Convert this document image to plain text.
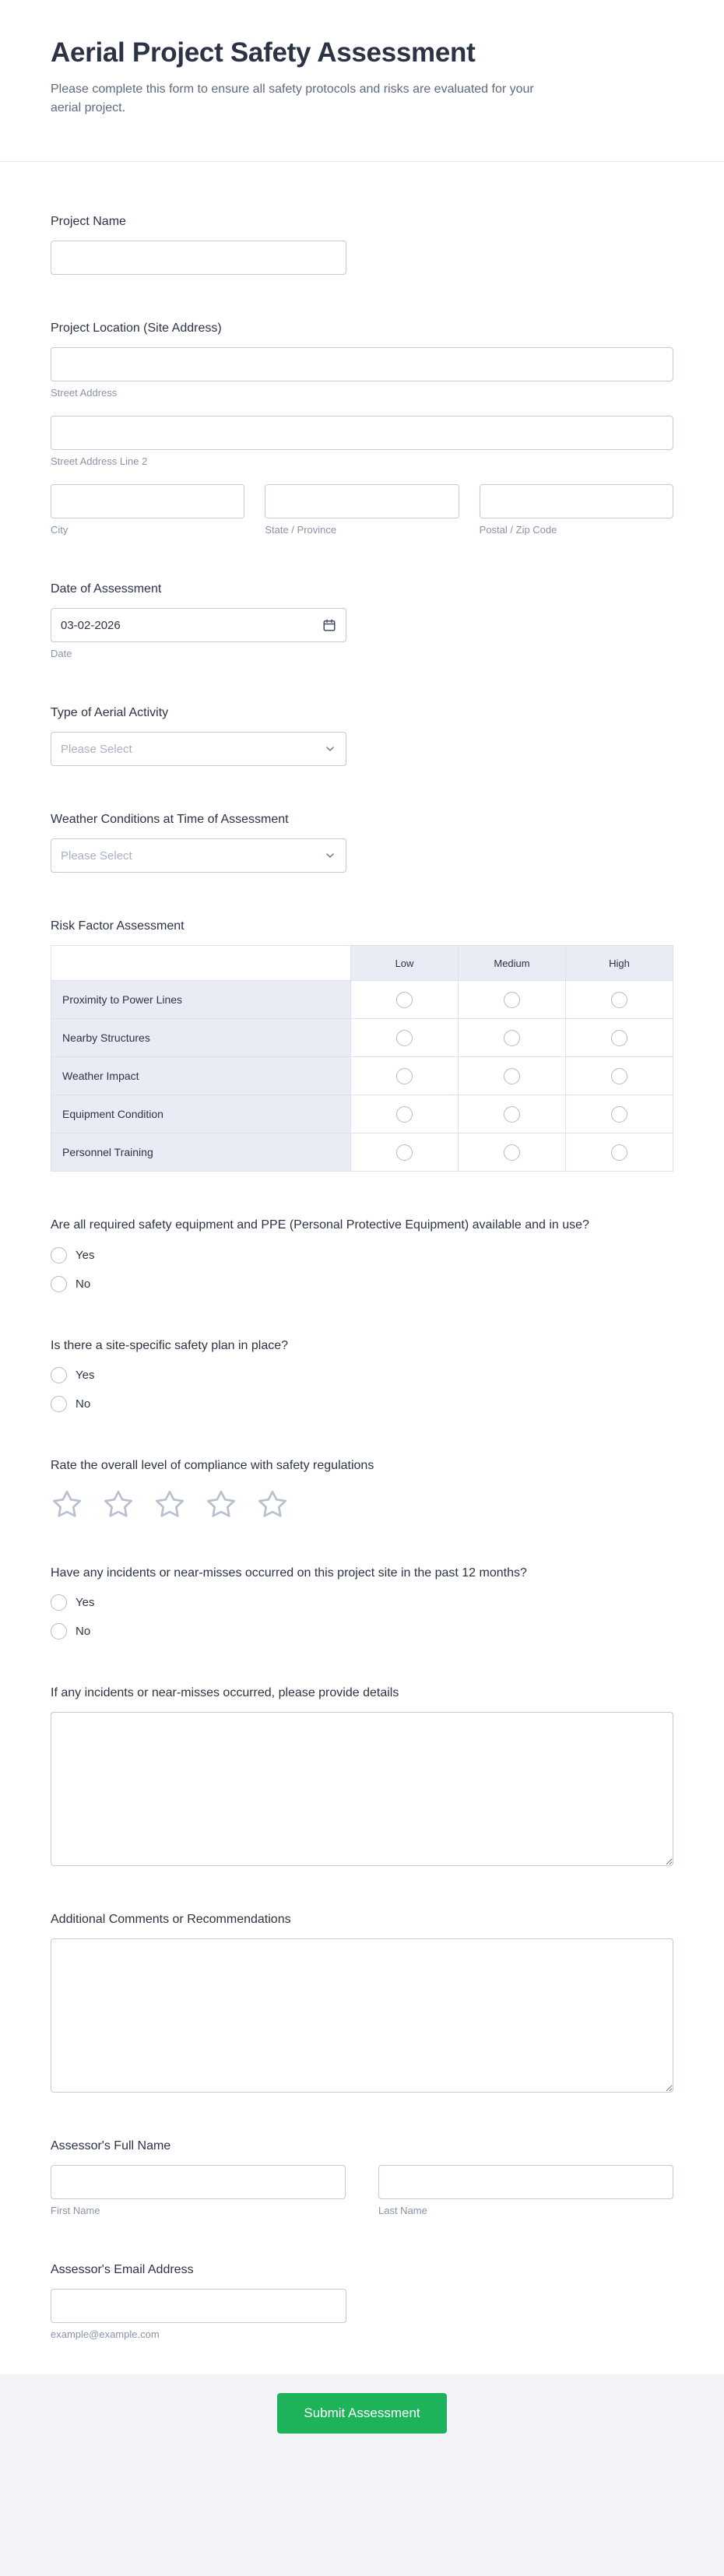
Aerial Project Safety Assessment

Please complete this form to ensure all safety protocols and risks are evaluated for your aerial project.

Project Name
Project Location (Site Address)
Street Address
Street Address Line 2
City	State / Province	Postal / Zip Code
Date of Assessment
03-02-2026
Date
Type of Aerial Activity
Please Select
Weather Conditions at Time of Assessment
Please Select
Risk Factor Assessment
	Low	Medium	High
Proximity to Power Lines			
Nearby Structures			
Weather Impact			
Equipment Condition			
Personnel Training			
Are all required safety equipment and PPE (Personal Protective Equipment) available and in use?
Yes
No
Is there a site-specific safety plan in place?
Yes
No
Rate the overall level of compliance with safety regulations
Have any incidents or near-misses occurred on this project site in the past 12 months?
Yes
No
If any incidents or near-misses occurred, please provide details
Additional Comments or Recommendations
Assessor's Full Name
First Name	Last Name
Assessor's Email Address
example@example.com
Submit Assessment
